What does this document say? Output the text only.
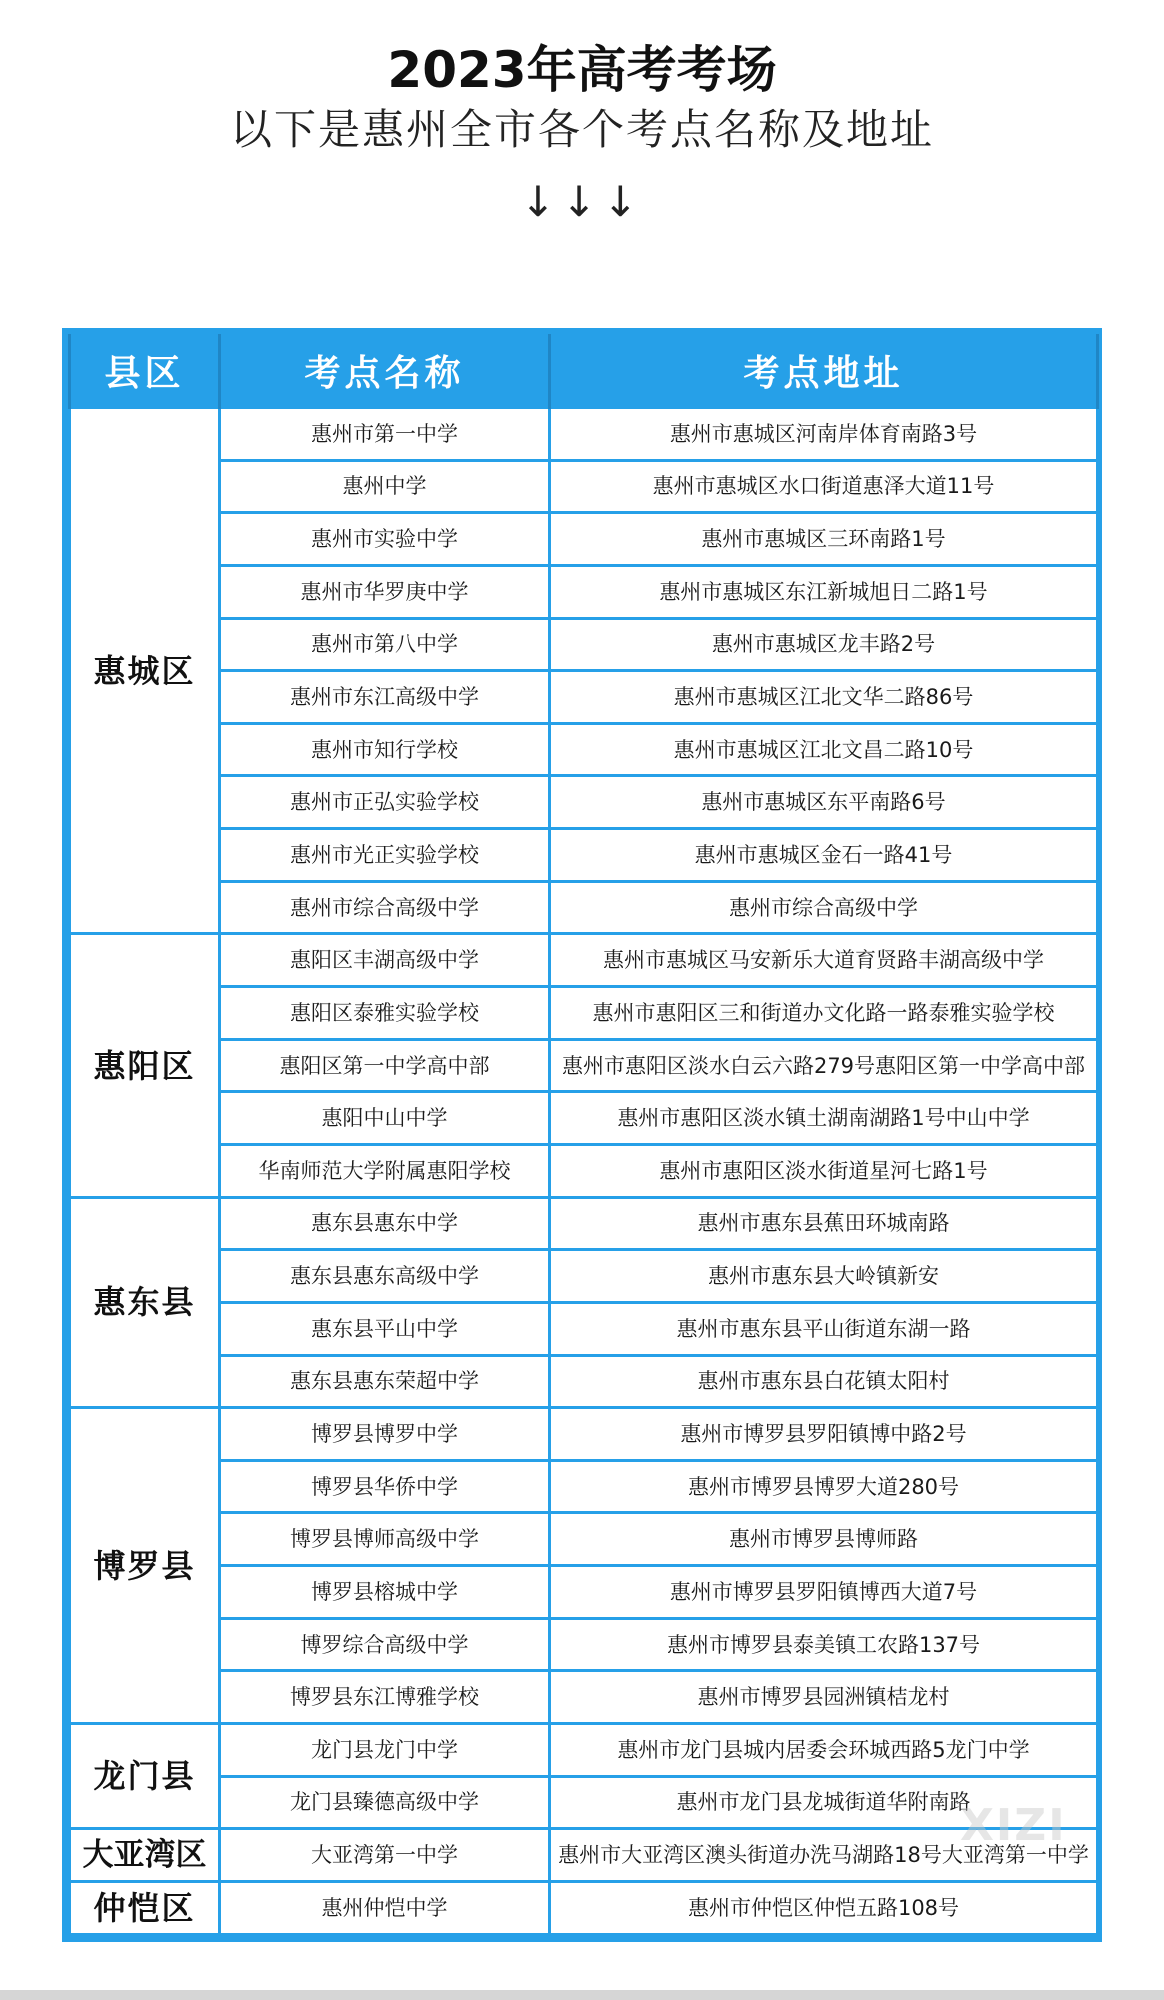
2023年高考考场
以下是惠州全市各个考点名称及地址
↓↓↓
县区	考点名称	考点地址
惠城区	惠州市第一中学	惠州市惠城区河南岸体育南路3号
	惠州中学	惠州市惠城区水口街道惠泽大道11号
	惠州市实验中学	惠州市惠城区三环南路1号
	惠州市华罗庚中学	惠州市惠城区东江新城旭日二路1号
	惠州市第八中学	惠州市惠城区龙丰路2号
	惠州市东江高级中学	惠州市惠城区江北文华二路86号
	惠州市知行学校	惠州市惠城区江北文昌二路10号
	惠州市正弘实验学校	惠州市惠城区东平南路6号
	惠州市光正实验学校	惠州市惠城区金石一路41号
	惠州市综合高级中学	惠州市综合高级中学
惠阳区	惠阳区丰湖高级中学	惠州市惠城区马安新乐大道育贤路丰湖高级中学
	惠阳区泰雅实验学校	惠州市惠阳区三和街道办文化路一路泰雅实验学校
	惠阳区第一中学高中部	惠州市惠阳区淡水白云六路279号惠阳区第一中学高中部
	惠阳中山中学	惠州市惠阳区淡水镇土湖南湖路1号中山中学
	华南师范大学附属惠阳学校	惠州市惠阳区淡水街道星河七路1号
惠东县	惠东县惠东中学	惠州市惠东县蕉田环城南路
	惠东县惠东高级中学	惠州市惠东县大岭镇新安
	惠东县平山中学	惠州市惠东县平山街道东湖一路
	惠东县惠东荣超中学	惠州市惠东县白花镇太阳村
博罗县	博罗县博罗中学	惠州市博罗县罗阳镇博中路2号
	博罗县华侨中学	惠州市博罗县博罗大道280号
	博罗县博师高级中学	惠州市博罗县博师路
	博罗县榕城中学	惠州市博罗县罗阳镇博西大道7号
	博罗综合高级中学	惠州市博罗县泰美镇工农路137号
	博罗县东江博雅学校	惠州市博罗县园洲镇桔龙村
龙门县	龙门县龙门中学	惠州市龙门县城内居委会环城西路5龙门中学
	龙门县臻德高级中学	惠州市龙门县龙城街道华附南路
大亚湾区	大亚湾第一中学	惠州市大亚湾区澳头街道办洗马湖路18号大亚湾第一中学
仲恺区	惠州仲恺中学	惠州市仲恺区仲恺五路108号
XIZI
